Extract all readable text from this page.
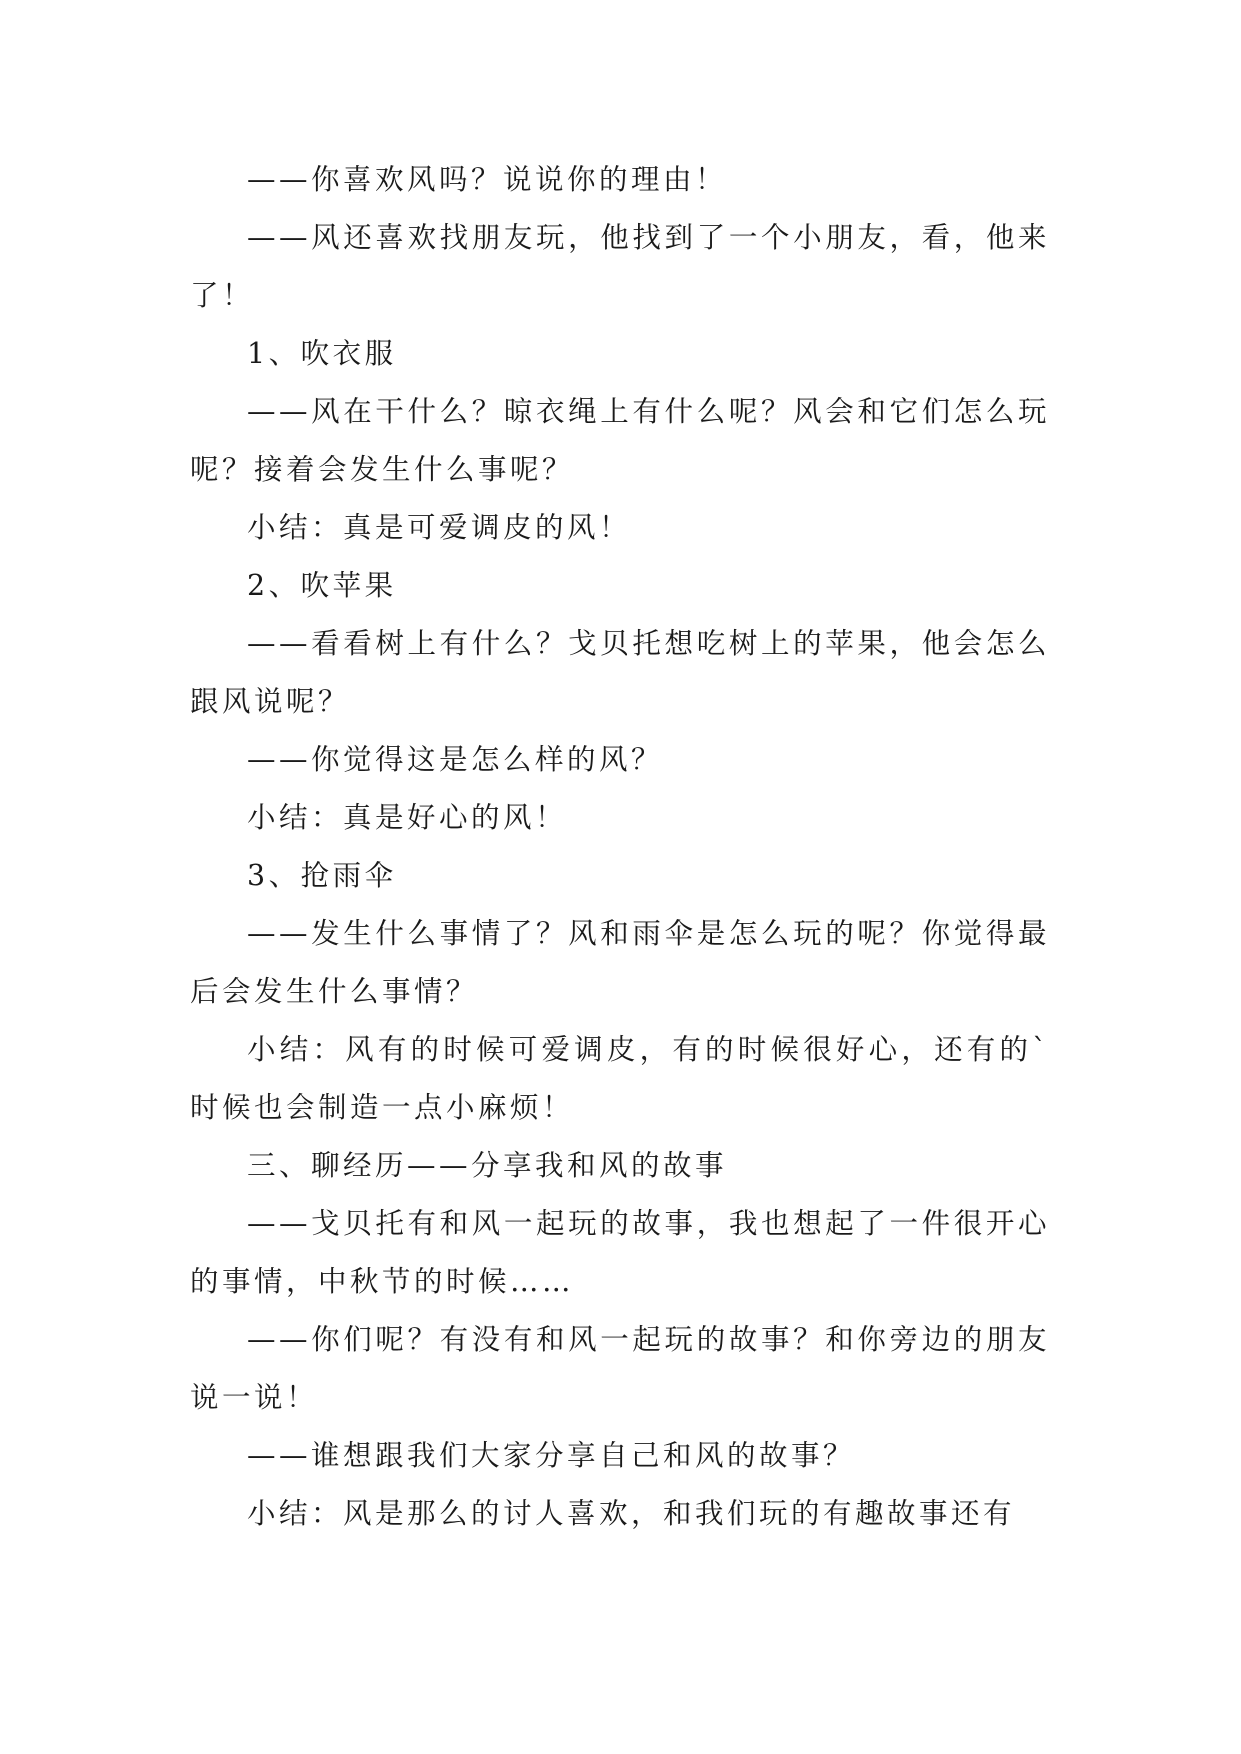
——你喜欢风吗？说说你的理由！

——风还喜欢找朋友玩，他找到了一个小朋友，看，他来了！

1、吹衣服

——风在干什么？晾衣绳上有什么呢？风会和它们怎么玩呢？接着会发生什么事呢？

小结：真是可爱调皮的风！

2、吹苹果

——看看树上有什么？戈贝托想吃树上的苹果，他会怎么跟风说呢？

——你觉得这是怎么样的风？

小结：真是好心的风！

3、抢雨伞

——发生什么事情了？风和雨伞是怎么玩的呢？你觉得最后会发生什么事情？

小结：风有的时候可爱调皮，有的时候很好心，还有的`时候也会制造一点小麻烦！

三、聊经历——分享我和风的故事

——戈贝托有和风一起玩的故事，我也想起了一件很开心的事情，中秋节的时候……

——你们呢？有没有和风一起玩的故事？和你旁边的朋友说一说！

——谁想跟我们大家分享自己和风的故事？

小结：风是那么的讨人喜欢，和我们玩的有趣故事还有
